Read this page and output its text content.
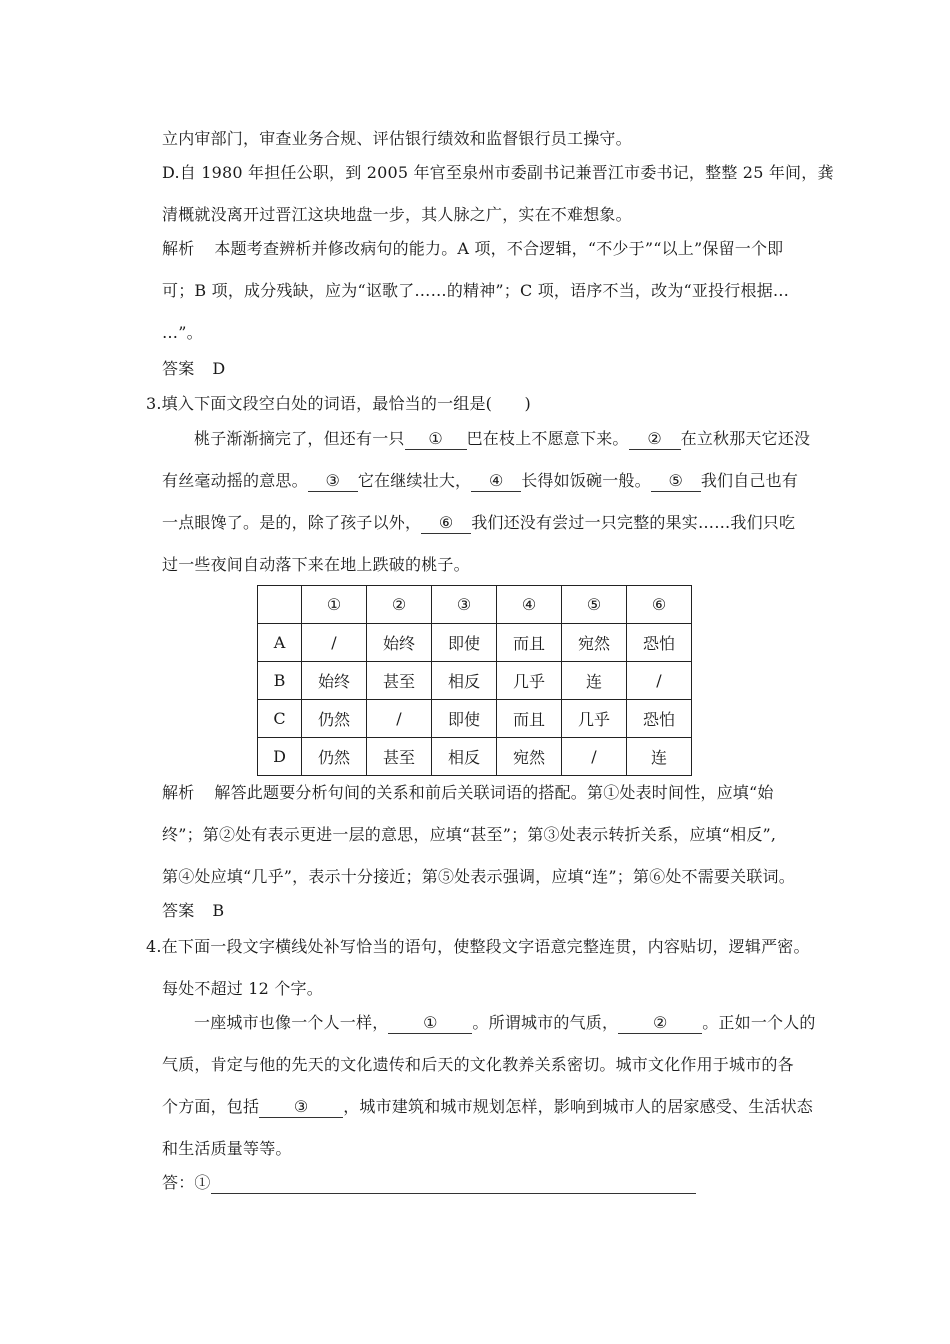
立内审部门，审查业务合规、评估银行绩效和监督银行员工操守。
D.自 1980 年担任公职，到 2005 年官至泉州市委副书记兼晋江市委书记，整整 25 年间，龚
清概就没离开过晋江这块地盘一步，其人脉之广，实在不难想象。
解析 本题考查辨析并修改病句的能力。A 项，不合逻辑，“不少于”“以上”保留一个即
可；B 项，成分残缺，应为“讴歌了……的精神”；C 项，语序不当，改为“亚投行根据…
…”。
答案 D
3.填入下面文段空白处的词语，最恰当的一组是(　　)
桃子渐渐摘完了，但还有一只 ① 巴在枝上不愿意下来。 ② 在立秋那天它还没
有丝毫动摇的意思。 ③ 它在继续壮大， ④ 长得如饭碗一般。 ⑤ 我们自己也有
一点眼馋了。是的，除了孩子以外， ⑥ 我们还没有尝过一只完整的果实……我们只吃
过一些夜间自动落下来在地上跌破的桃子。
	①	②	③	④	⑤	⑥
A	/	始终	即使	而且	宛然	恐怕
B	始终	甚至	相反	几乎	连	/
C	仍然	/	即使	而且	几乎	恐怕
D	仍然	甚至	相反	宛然	/	连
解析 解答此题要分析句间的关系和前后关联词语的搭配。第①处表时间性，应填“始
终”；第②处有表示更进一层的意思，应填“甚至”；第③处表示转折关系，应填“相反”,
第④处应填“几乎”，表示十分接近；第⑤处表示强调，应填“连”；第⑥处不需要关联词。
答案 B
4.在下面一段文字横线处补写恰当的语句，使整段文字语意完整连贯，内容贴切，逻辑严密。
每处不超过 12 个字。
一座城市也像一个人一样， ① 。所谓城市的气质， ② 。正如一个人的
气质，肯定与他的先天的文化遗传和后天的文化教养关系密切。城市文化作用于城市的各
个方面，包括 ③ ，城市建筑和城市规划怎样，影响到城市人的居家感受、生活状态
和生活质量等等。
答：①
